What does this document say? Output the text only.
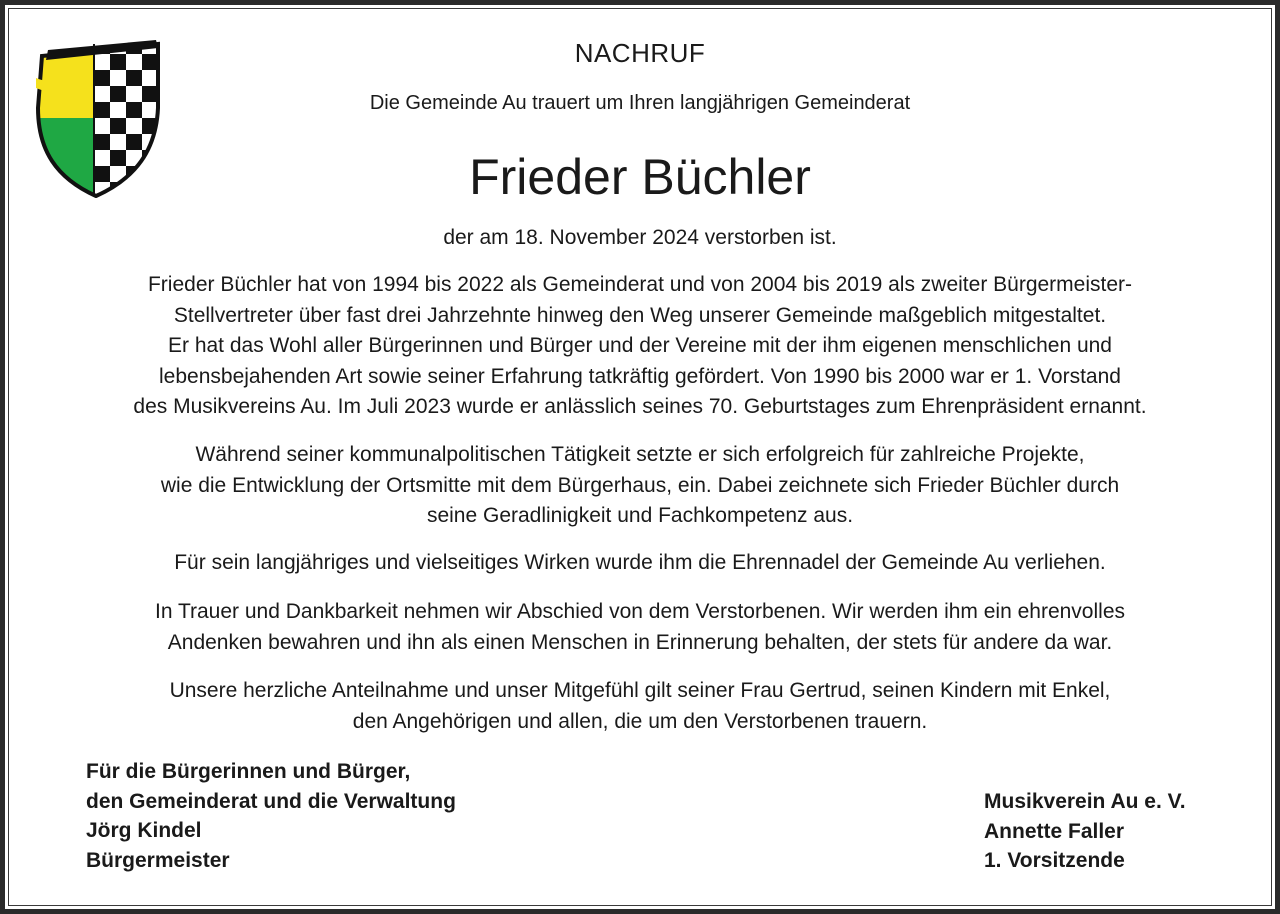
NACHRUF
Die Gemeinde Au trauert um Ihren langjährigen Gemeinderat
Frieder Büchler
der am 18. November 2024 verstorben ist.
Frieder Büchler hat von 1994 bis 2022 als Gemeinderat und von 2004 bis 2019 als zweiter Bürgermeister-
Stellvertreter über fast drei Jahrzehnte hinweg den Weg unserer Gemeinde maßgeblich mitgestaltet.
Er hat das Wohl aller Bürgerinnen und Bürger und der Vereine mit der ihm eigenen menschlichen und
lebensbejahenden Art sowie seiner Erfahrung tatkräftig gefördert. Von 1990 bis 2000 war er 1. Vorstand
des Musikvereins Au. Im Juli 2023 wurde er anlässlich seines 70. Geburtstages zum Ehrenpräsident ernannt.
Während seiner kommunalpolitischen Tätigkeit setzte er sich erfolgreich für zahlreiche Projekte,
wie die Entwicklung der Ortsmitte mit dem Bürgerhaus, ein. Dabei zeichnete sich Frieder Büchler durch
seine Geradlinigkeit und Fachkompetenz aus.
Für sein langjähriges und vielseitiges Wirken wurde ihm die Ehrennadel der Gemeinde Au verliehen.
In Trauer und Dankbarkeit nehmen wir Abschied von dem Verstorbenen. Wir werden ihm ein ehrenvolles
Andenken bewahren und ihn als einen Menschen in Erinnerung behalten, der stets für andere da war.
Unsere herzliche Anteilnahme und unser Mitgefühl gilt seiner Frau Gertrud, seinen Kindern mit Enkel,
den Angehörigen und allen, die um den Verstorbenen trauern.
Für die Bürgerinnen und Bürger,
den Gemeinderat und die Verwaltung
Jörg Kindel
Bürgermeister
Musikverein Au e. V.
Annette Faller
1. Vorsitzende
